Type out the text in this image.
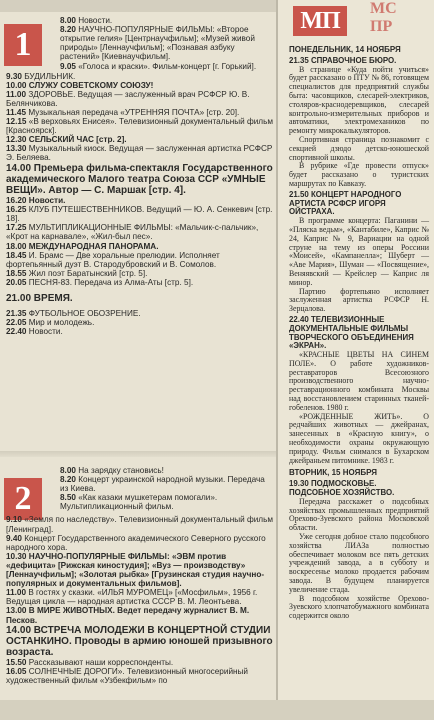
1
2
8.00 Новости.
8.20 НАУЧНО-ПОПУЛЯРНЫЕ ФИЛЬМЫ: «Второе открытие гелия» [Центрнаучфильм]; «Музей живой природы» [Леннаучфильм]; «Познавая азбуку растений» [Киевнаучфильм].
9.05 «Голоса и краски». Фильм-концерт [г. Горький].
9.30 БУДИЛЬНИК.
10.00 СЛУЖУ СОВЕТСКОМУ СОЮЗУ!
11.00 ЗДОРОВЬЕ. Ведущая — заслуженный врач РСФСР Ю. В. Белянчикова.
11.45 Музыкальная передача «УТРЕННЯЯ ПОЧТА» [стр. 20].
12.15 «В верховьях Енисея». Телевизионный документальный фильм [Красноярск].
12.30 СЕЛЬСКИЙ ЧАС [стр. 2].
13.30 Музыкальный киоск. Ведущая — заслуженная артистка РСФСР Э. Беляева.
14.00 Премьера фильма-спектакля Государственного академического Малого театра Союза ССР «УМНЫЕ ВЕЩИ». Автор — С. Маршак [стр. 4].
16.20 Новости.
16.25 КЛУБ ПУТЕШЕСТВЕННИКОВ. Ведущий — Ю. А. Сенкевич [стр. 18].
17.25 МУЛЬТИПЛИКАЦИОННЫЕ ФИЛЬМЫ: «Мальчик-с-пальчик», «Крот на карнавале», «Жил-был пес».
18.00 МЕЖДУНАРОДНАЯ ПАНОРАМА.
18.45 И. Брамс — Две хоральные прелюдии. Исполняет фортепьянный дуэт В. Стародубровский и В. Сомолов.
18.55 Жил поэт Баратынский [стр. 5].
20.05 ПЕСНЯ-83. Передача из Алма-Аты [стр. 5].
21.00 ВРЕМЯ.
21.35 ФУТБОЛЬНОЕ ОБОЗРЕНИЕ.
22.05 Мир и молодежь.
22.40 Новости.
8.00 На зарядку становись!
8.20 Концерт украинской народной музыки. Передача из Киева.
8.50 «Как казаки мушкетерам помогали». Мультипликационный фильм.
9.10 «Земля по наследству». Телевизионный документальный фильм [Ленинград].
9.40 Концерт Государственного академического Северного русского народного хора.
10.30 НАУЧНО-ПОПУЛЯРНЫЕ ФИЛЬМЫ: «ЭВМ против «дефицита» [Рижская киностудия]; «Вуз — производству» [Леннаучфильм]; «Золотая рыбка» [Грузинская студия научно-популярных и документальных фильмов].
11.00 В гостях у сказки. «ИЛЬЯ МУРОМЕЦ» [«Мосфильм», 1956 г. Ведущая цикла — народная артистка СССР В. М. Леонтьева.
13.00 В МИРЕ ЖИВОТНЫХ. Ведет передачу журналист В. М. Песков.
14.00 ВСТРЕЧА МОЛОДЕЖИ В КОНЦЕРТНОЙ СТУДИИ ОСТАНКИНО. Проводы в армию юношей призывного возраста.
15.50 Рассказывают наши корреспонденты.
16.05 СОЛНЕЧНЫЕ ДОРОГИ». Телевизионный многосерийный художественный фильм «Узбекфильм» по
МП МС
ПР

ПОНЕДЕЛЬНИК, 14 НОЯБРЯ

21.35 СПРАВОЧНОЕ БЮРО.

В странице «Куда пойти учиться» будет рассказано о ПТУ № 86, готовящем специалистов для предприятий службы быта: часовщиков, слесарей-электриков, столяров-краснодеревщиков, слесарей контрольно-измерительных приборов и автоматики, электромехаников по ремонту микрокалькуляторов.

Спортивная страница познакомит с секцией дзюдо детско-юношеской спортивной школы.

В рубрике «Где провести отпуск» будет рассказано о туристских маршрутах по Кавказу.

21.50 КОНЦЕРТ НАРОДНОГО АРТИСТА РСФСР ИГОРЯ ОЙСТРАХА.

В программе концерта: Паганини — «Пляска ведьм», «Кантабиле», Каприс № 24, Каприс № 9, Вариации на одной струне на тему из оперы Россини «Моисей», «Кампанелла»; Шуберт — «Аве Мария», Шуман — «Посвящение», Веняявский — Крейслер — Каприс ля минор.

Партию фортепьяно исполняет заслуженная артистка РСФСР Н. Зерцалова.

22.40 ТЕЛЕВИЗИОННЫЕ ДОКУМЕНТАЛЬНЫЕ ФИЛЬМЫ ТВОРЧЕСКОГО ОБЪЕДИНЕНИЯ «ЭКРАН».

«КРАСНЫЕ ЦВЕТЫ НА СИНЕМ ПОЛЕ». О работе художников-реставраторов Всесоюзного производственного научно-реставрационного комбината Москвы над восстановлением старинных тканей-гобеленов. 1980 г.

«РОЖДЕННЫЕ ЖИТЬ». О редчайших животных — джейранах, занесенных в «Красную книгу», о необходимости охраны окружающую природу. Фильм снимался в Бухарском джейраньем питомнике. 1983 г.

ВТОРНИК, 15 НОЯБРЯ

19.30 ПОДМОСКОВЬЕ. ПОДСОБНОЕ ХОЗЯЙСТВО.

Передача расскажет о подсобных хозяйствах промышленных предприятий Орехово-Зуевского района Московской области.

Уже сегодня добное стало подсобного хозяйства ЛИАЗа полностью обеспечивает молоком все пять детских учреждений завода, а в субботу и воскресенье молоко продается рабочим завода. В будущем планируется увеличение стада.

В подсобном хозяйстве Орехово-Зуевского хлопчатобумажного комбината содержится около
